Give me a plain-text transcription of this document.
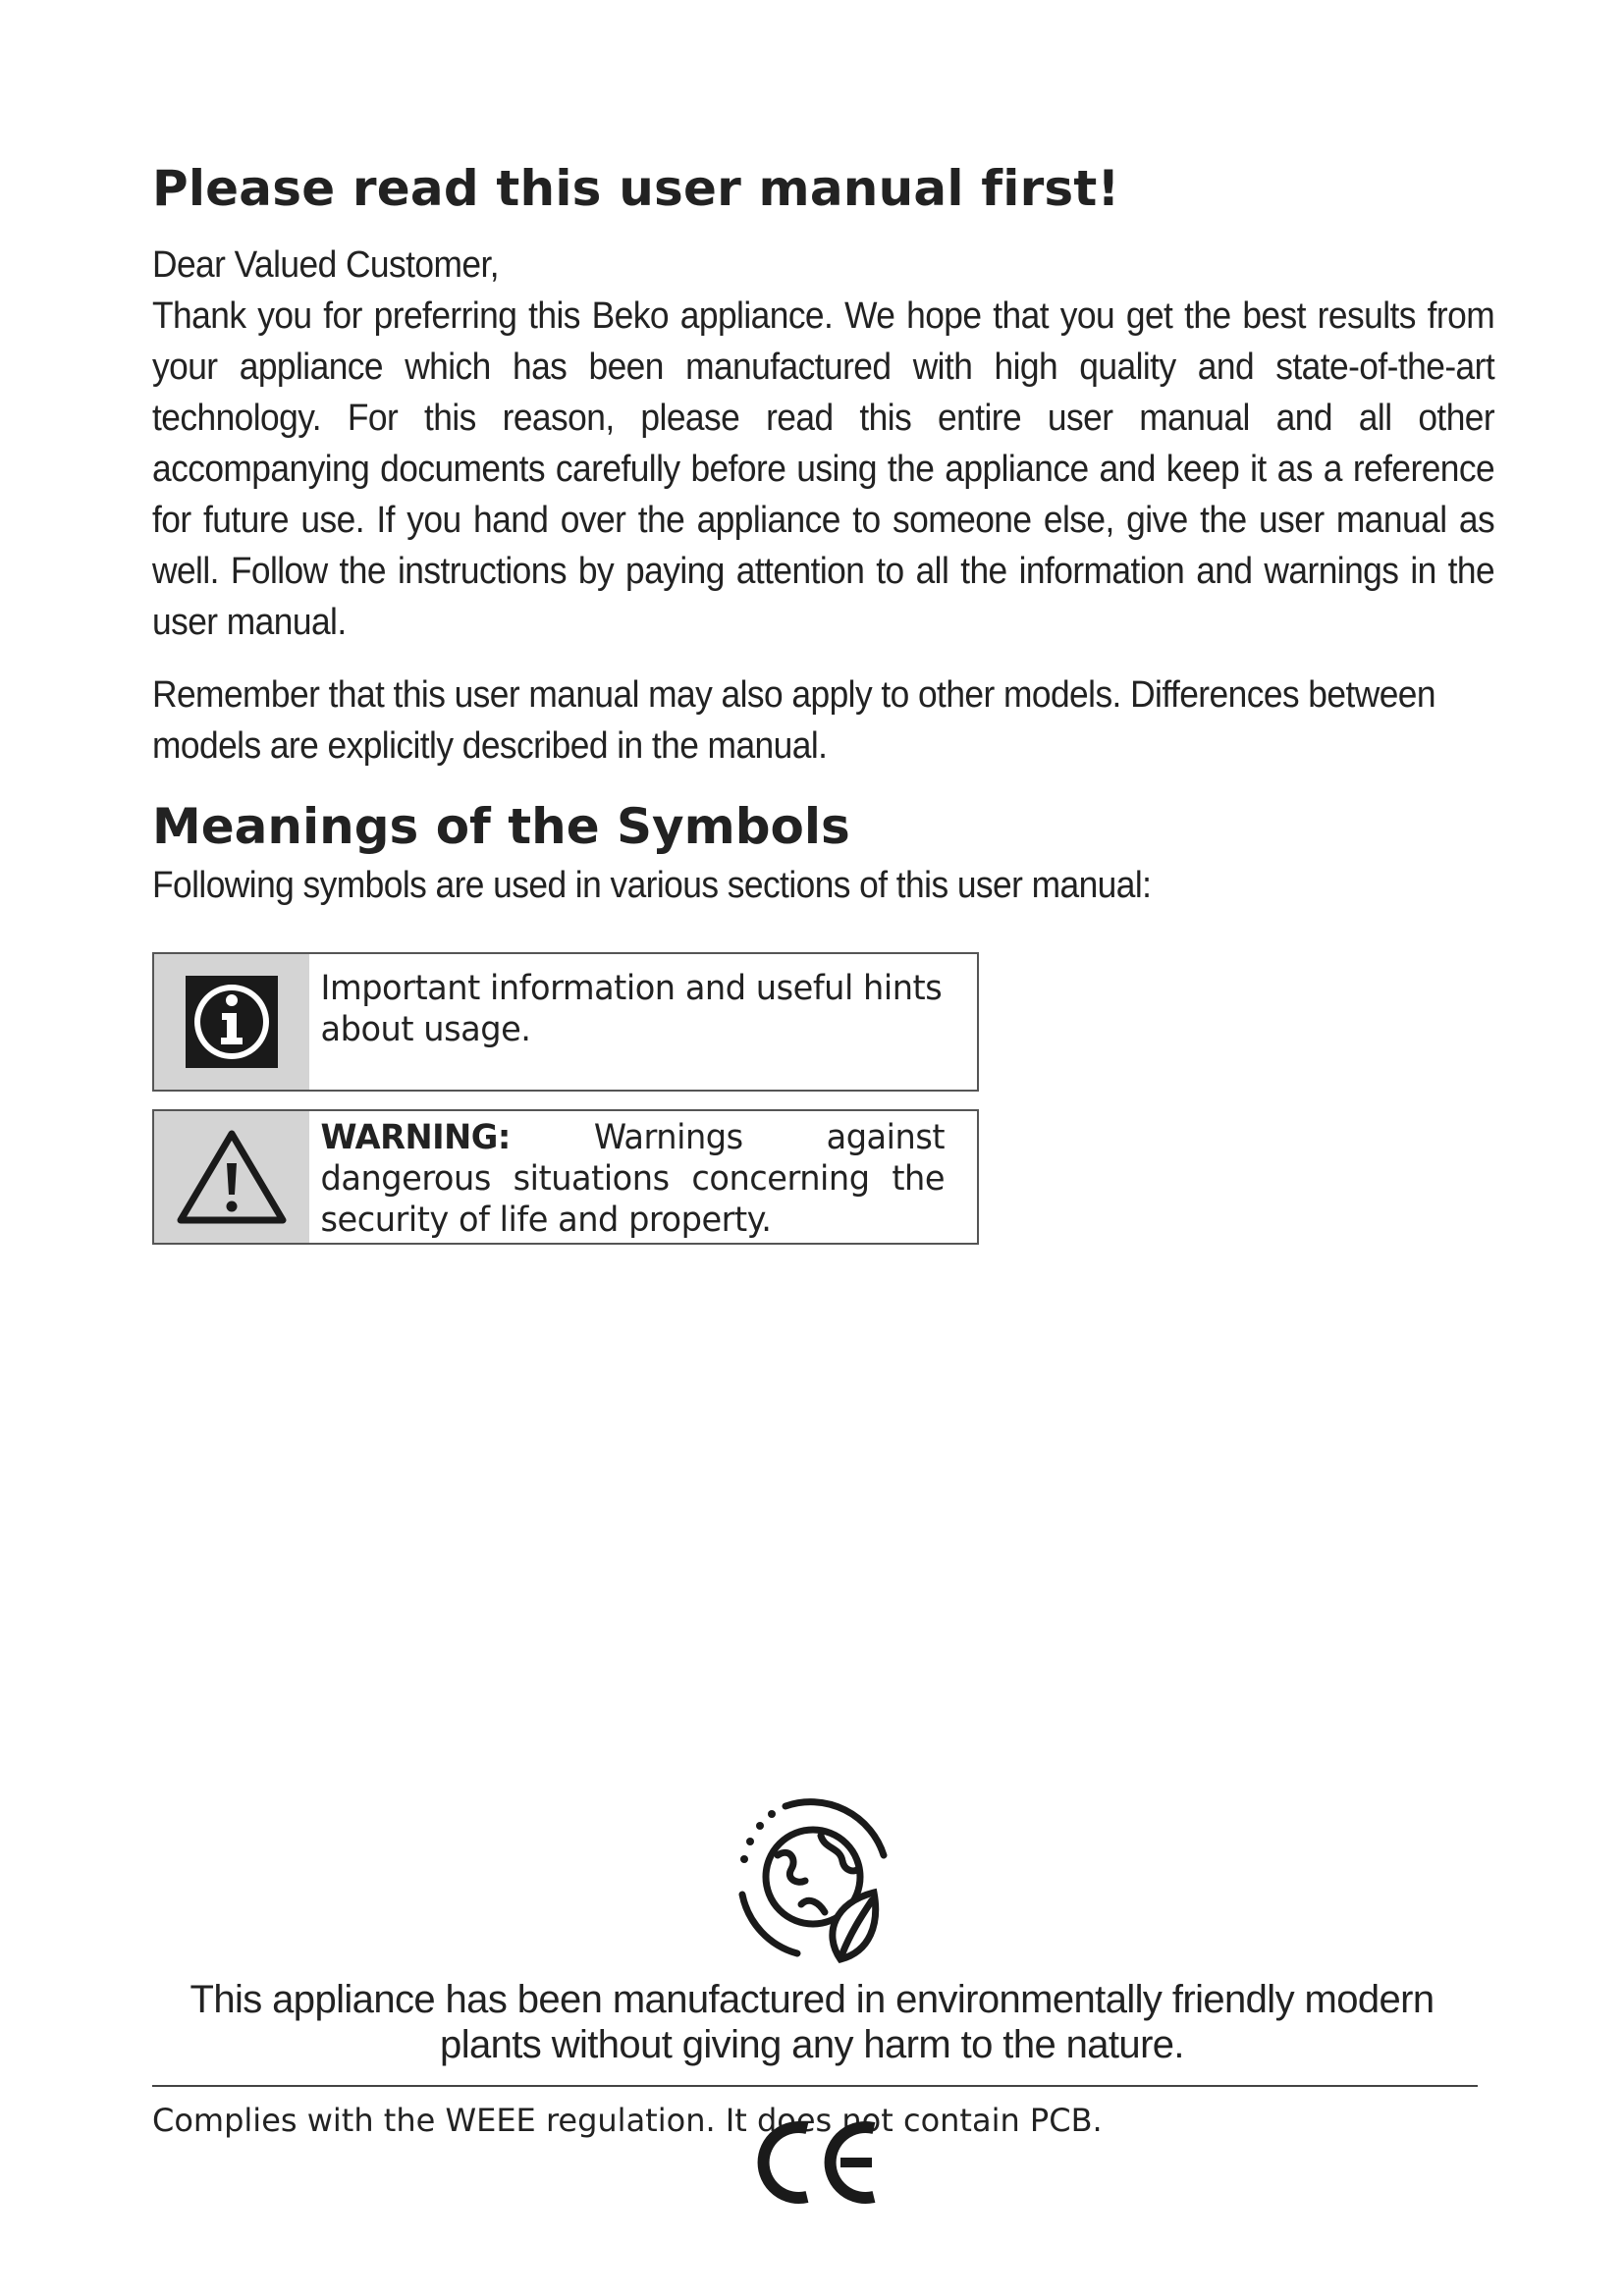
Please read this user manual first!

Dear Valued Customer,

Thank you for preferring this Beko appliance. We hope that you get the best results from your appliance which has been manufactured with high quality and state-of-the-art technology. For this reason, please read this entire user manual and all other accompanying documents carefully before using the appliance and keep it as a reference for future use. If you hand over the appliance to someone else, give the user manual as well. Follow the instructions by paying attention to all the information and warnings in the user manual.

Remember that this user manual may also apply to other models. Differences between models are explicitly described in the manual.

Meanings of the Symbols

Following symbols are used in various sections of this user manual:

Important information and useful hints about usage.
WARNING: Warnings against dangerous situations concerning the security of life and property.

This appliance has been manufactured in environmentally friendly modern plants without giving any harm to the nature.

Complies with the WEEE regulation. It does not contain PCB.
